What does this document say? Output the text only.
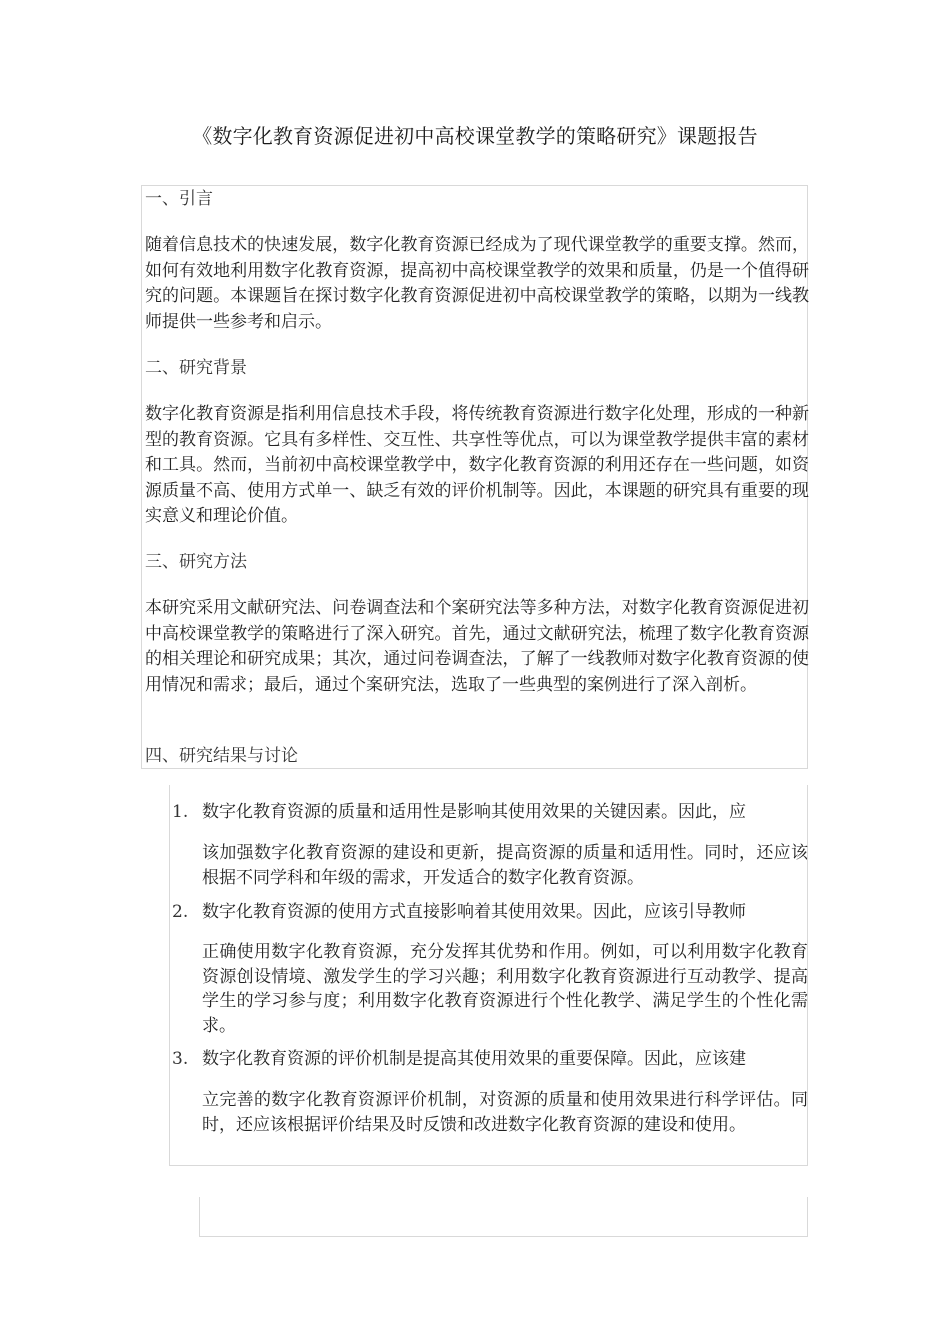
《数字化教育资源促进初中高校课堂教学的策略研究》课题报告
一、引言

随着信息技术的快速发展，数字化教育资源已经成为了现代课堂教学的重要支撑。然而，如何有效地利用数字化教育资源，提高初中高校课堂教学的效果和质量，仍是一个值得研究的问题。本课题旨在探讨数字化教育资源促进初中高校课堂教学的策略，以期为一线教师提供一些参考和启示。

二、研究背景

数字化教育资源是指利用信息技术手段，将传统教育资源进行数字化处理，形成的一种新型的教育资源。它具有多样性、交互性、共享性等优点，可以为课堂教学提供丰富的素材和工具。然而，当前初中高校课堂教学中，数字化教育资源的利用还存在一些问题，如资源质量不高、使用方式单一、缺乏有效的评价机制等。因此，本课题的研究具有重要的现实意义和理论价值。

三、研究方法

本研究采用文献研究法、问卷调查法和个案研究法等多种方法，对数字化教育资源促进初中高校课堂教学的策略进行了深入研究。首先，通过文献研究法，梳理了数字化教育资源的相关理论和研究成果；其次，通过问卷调查法，了解了一线教师对数字化教育资源的使用情况和需求；最后，通过个案研究法，选取了一些典型的案例进行了深入剖析。

四、研究结果与讨论
1. 数字化教育资源的质量和适用性是影响其使用效果的关键因素。因此，应

该加强数字化教育资源的建设和更新，提高资源的质量和适用性。同时，还应该根据不同学科和年级的需求，开发适合的数字化教育资源。

2. 数字化教育资源的使用方式直接影响着其使用效果。因此，应该引导教师

正确使用数字化教育资源，充分发挥其优势和作用。例如，可以利用数字化教育资源创设情境、激发学生的学习兴趣；利用数字化教育资源进行互动教学、提高学生的学习参与度；利用数字化教育资源进行个性化教学、满足学生的个性化需求。

3. 数字化教育资源的评价机制是提高其使用效果的重要保障。因此，应该建

立完善的数字化教育资源评价机制，对资源的质量和使用效果进行科学评估。同时，还应该根据评价结果及时反馈和改进数字化教育资源的建设和使用。
